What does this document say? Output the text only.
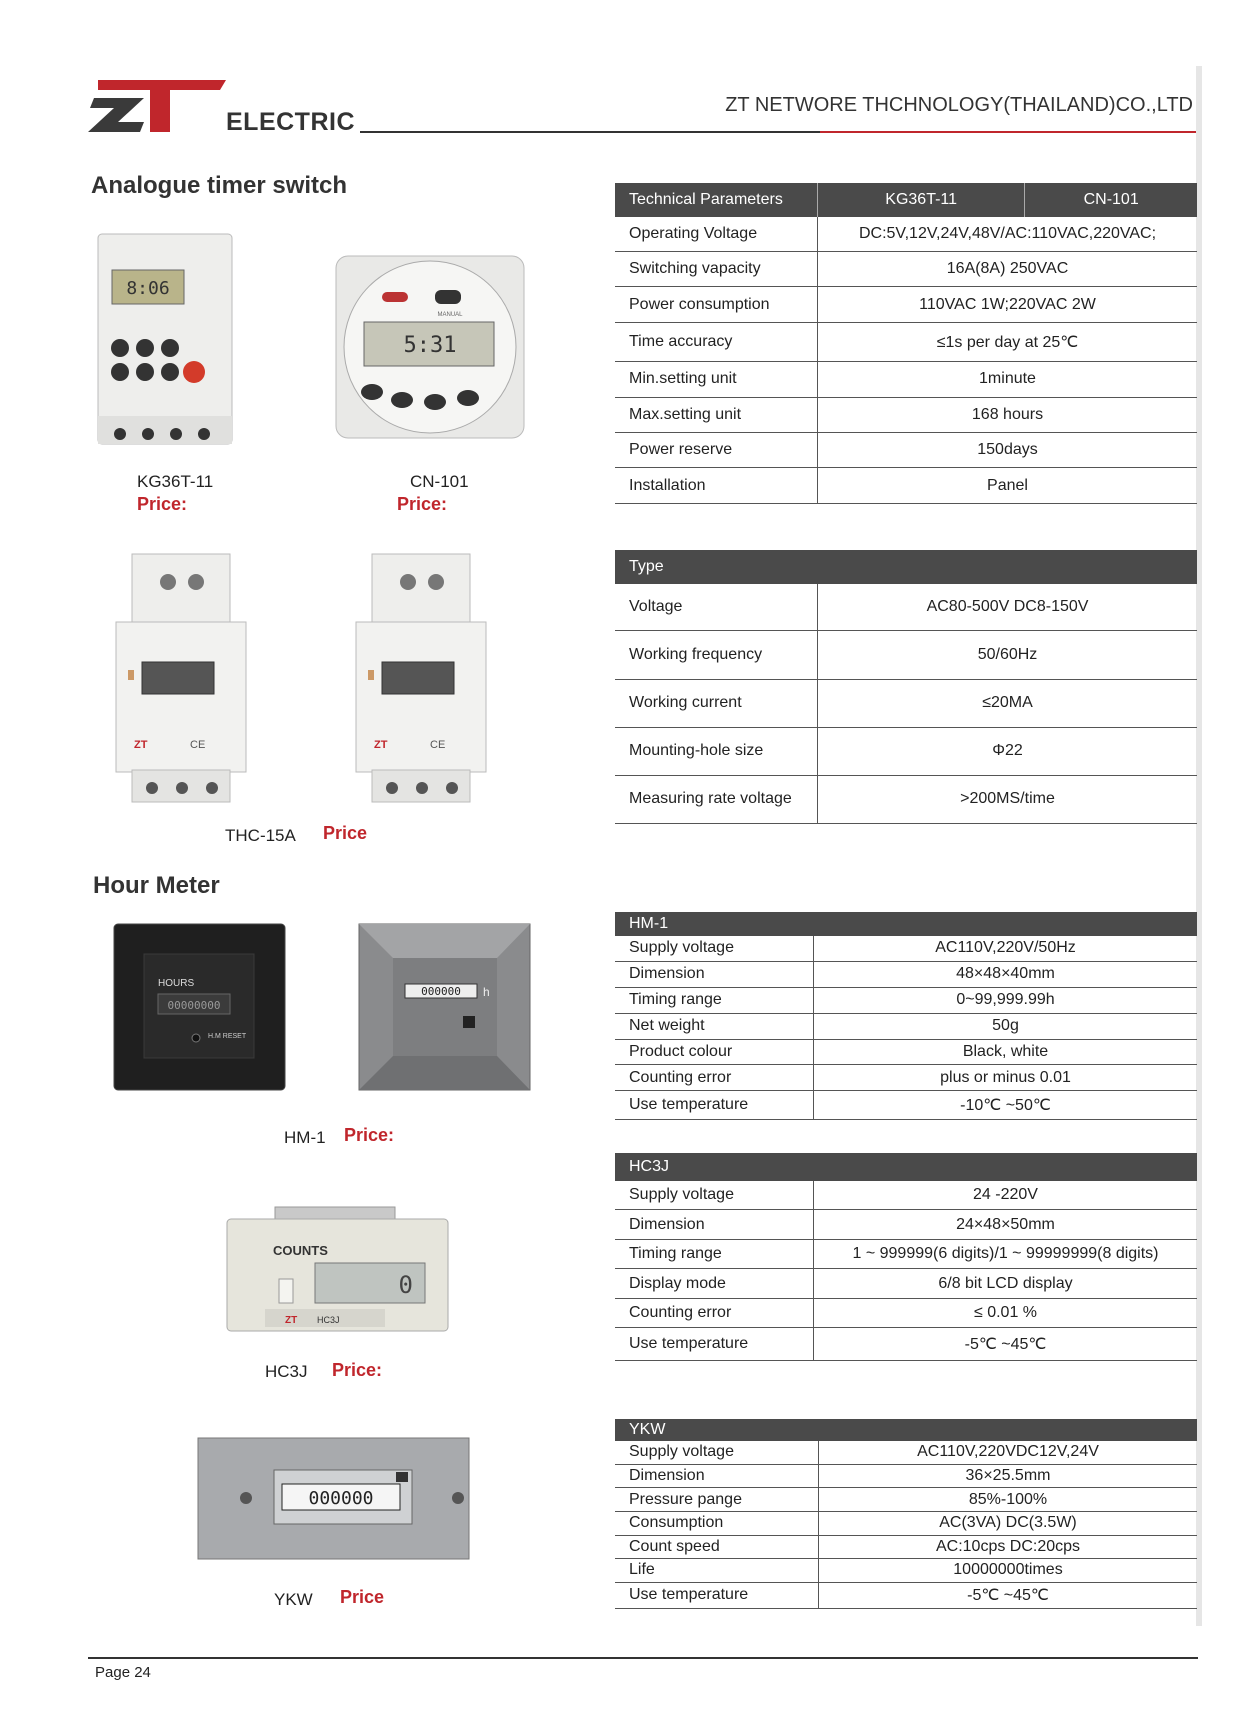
ELECTRIC
ZT NETWORE THCHNOLOGY(THAILAND)CO.,LTD
Analogue timer switch
8:06
KG36T-11
Price:
MANUAL
5:31
CN-101
Price:
ZT	CE	ZT	CE
THC-15A Price
Hour Meter
HOURS
00000000
H.M RESET
000000 h
HM-1 Price:
COUNTS
0
ZT HC3J
HC3J Price:
000000
YKW Price
Technical Parameters	KG36T-11	CN-101
Operating Voltage	DC:5V,12V,24V,48V/AC:110VAC,220VAC;	
Switching vapacity	16A(8A) 250VAC	
Power consumption	110VAC 1W;220VAC 2W	
Time accuracy	≤1s per day at 25℃	
Min.setting unit	1minute	
Max.setting unit	168 hours	
Power reserve	150days	
Installation	Panel	
Type	
Voltage	AC80-500V DC8-150V
Working frequency	50/60Hz
Working current	≤20MA
Mounting-hole size	Φ22
Measuring rate voltage	>200MS/time
HM-1	
Supply voltage	AC110V,220V/50Hz
Dimension	48×48×40mm
Timing range	0~99,999.99h
Net weight	50g
Product colour	Black, white
Counting error	plus or minus 0.01
Use temperature	-10℃ ~50℃
HC3J	
Supply voltage	24 -220V
Dimension	24×48×50mm
Timing range	1 ~ 999999(6 digits)/1 ~ 99999999(8 digits)
Display mode	6/8 bit LCD display
Counting error	≤ 0.01 %
Use temperature	-5℃ ~45℃
YKW	
Supply voltage	AC110V,220VDC12V,24V
Dimension	36×25.5mm
Pressure pange	85%-100%
Consumption	AC(3VA) DC(3.5W)
Count speed	AC:10cps DC:20cps
Life	10000000times
Use temperature	-5℃ ~45℃
Page 24
